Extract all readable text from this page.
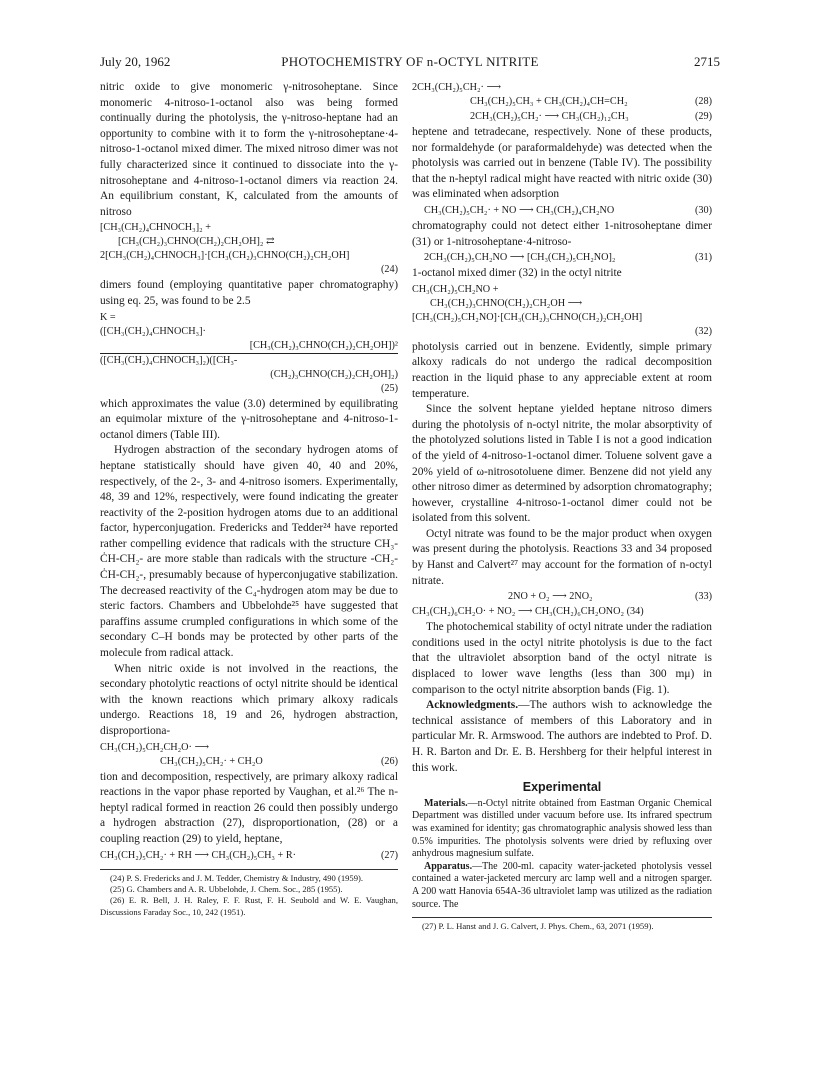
July 20, 1962	PHOTOCHEMISTRY OF n-OCTYL NITRITE	2715

nitric oxide to give monomeric γ-nitrosoheptane. Since monomeric 4-nitroso-1-octanol also was being formed continually during the photolysis, the γ-nitroso-heptane had an opportunity to combine with it to form the γ-nitrosoheptane·4-nitroso-1-octanol mixed dimer. The mixed nitroso dimer was not fully characterized since it continued to dissociate into the γ-nitrosoheptane and 4-nitroso-1-octanol dimers via reaction 24. An equilibrium constant, K, calculated from the amounts of nitroso

[CH₃(CH₂)₄CHNOCH₃]₂ +
[CH₃(CH₂)₃CHNO(CH₂)₂CH₂OH]₂ ⇄
2[CH₃(CH₂)₄CHNOCH₃]·[CH₃(CH₂)₃CHNO(CH₂)₂CH₂OH]
(24)

dimers found (employing quantitative paper chromatography) using eq. 25, was found to be 2.5

K =
([CH₃(CH₂)₄CHNOCH₃]·
[CH₃(CH₂)₃CHNO(CH₂)₂CH₂OH])²
([CH₃(CH₂)₄CHNOCH₃]₂)([CH₃-
(CH₂)₃CHNO(CH₂)₂CH₂OH]₂)
(25)

which approximates the value (3.0) determined by equilibrating an equimolar mixture of the γ-nitrosoheptane and 4-nitroso-1-octanol dimers (Table III).

Hydrogen abstraction of the secondary hydrogen atoms of heptane statistically should have given 40, 40 and 20%, respectively, of the 2-, 3- and 4-nitroso isomers. Experimentally, 48, 39 and 12%, respectively, were found indicating the greater reactivity of the 2-position hydrogen atoms due to an additional factor, hyperconjugation. Fredericks and Tedder²⁴ have reported rather compelling evidence that radicals with the structure CH₃-ĊH-CH₂- are more stable than radicals with the structure -CH₂-ĊH-CH₂-, presumably because of hyperconjugative stabilization. The decreased reactivity of the C₄-hydrogen atom may be due to steric factors. Chambers and Ubbelohde²⁵ have suggested that paraffins assume crumpled configurations in which some of the secondary C–H bonds may be protected by other parts of the molecule from radical attack.

When nitric oxide is not involved in the reactions, the secondary photolytic reactions of octyl nitrite should be identical with the known reactions which primary alkoxy radicals undergo. Reactions 18, 19 and 26, hydrogen abstraction, disproportiona-

CH₃(CH₂)₅CH₂CH₂O· ⟶
CH₃(CH₂)₅CH₂· + CH₂O	(26)

tion and decomposition, respectively, are primary alkoxy radical reactions in the vapor phase reported by Vaughan, et al.²⁶ The n-heptyl radical formed in reaction 26 could then possibly undergo a hydrogen abstraction (27), disproportionation, (28) or a coupling reaction (29) to yield, heptane,

CH₃(CH₂)₅CH₂· + RH ⟶ CH₃(CH₂)₅CH₃ + R·	(27)

(24) P. S. Fredericks and J. M. Tedder, Chemistry & Industry, 490 (1959).

(25) G. Chambers and A. R. Ubbelohde, J. Chem. Soc., 285 (1955).

(26) E. R. Bell, J. H. Raley, F. F. Rust, F. H. Seubold and W. E. Vaughan, Discussions Faraday Soc., 10, 242 (1951).

2CH₃(CH₂)₅CH₂· ⟶
CH₃(CH₂)₅CH₃ + CH₃(CH₂)₄CH=CH₂	(28)
2CH₃(CH₂)₅CH₂· ⟶ CH₃(CH₂)₁₂CH₃	(29)

heptene and tetradecane, respectively. None of these products, nor formaldehyde (or paraformaldehyde) was detected when the photolysis was carried out in benzene (Table IV). The possibility that the n-heptyl radical might have reacted with nitric oxide (30) was eliminated when adsorption

CH₃(CH₂)₅CH₂· + NO ⟶ CH₃(CH₂)₄CH₂NO	(30)

chromatography could not detect either 1-nitrosoheptane dimer (31) or 1-nitrosoheptane·4-nitroso-

2CH₃(CH₂)₅CH₂NO ⟶ [CH₃(CH₂)₅CH₂NO]₂	(31)

1-octanol mixed dimer (32) in the octyl nitrite

CH₃(CH₂)₅CH₂NO +
CH₃(CH₂)₃CHNO(CH₂)₂CH₂OH ⟶
[CH₃(CH₂)₅CH₂NO]·[CH₃(CH₂)₃CHNO(CH₂)₂CH₂OH]
(32)

photolysis carried out in benzene. Evidently, simple primary alkoxy radicals do not undergo the radical decomposition reaction in the liquid phase to any appreciable extent at room temperature.

Since the solvent heptane yielded heptane nitroso dimers during the photolysis of n-octyl nitrite, the molar absorptivity of the photolyzed solutions listed in Table I is not a good indication of the yield of 4-nitroso-1-octanol dimer. Toluene solvent gave a 20% yield of ω-nitrosotoluene dimer. Benzene did not yield any other nitroso dimer as determined by adsorption chromatography; however, crystalline 4-nitroso-1-octanol dimer could not be isolated from this solvent.

Octyl nitrate was found to be the major product when oxygen was present during the photolysis. Reactions 33 and 34 proposed by Hanst and Calvert²⁷ may account for the formation of n-octyl nitrate.

2NO + O₂ ⟶ 2NO₂	(33)
CH₃(CH₂)₆CH₂O· + NO₂ ⟶ CH₃(CH₂)₆CH₂ONO₂ (34)

The photochemical stability of octyl nitrate under the radiation conditions used in the octyl nitrite photolysis is due to the fact that the ultraviolet absorption band of the octyl nitrate is displaced to lower wave lengths (less than 300 mμ) in comparison to the octyl nitrite absorption bands (Fig. 1).

Acknowledgments.—The authors wish to acknowledge the technical assistance of members of this Laboratory and in particular Mr. R. Armswood. The authors are indebted to Prof. D. H. R. Barton and Dr. E. B. Hershberg for their helpful interest in this work.

Experimental

Materials.—n-Octyl nitrite obtained from Eastman Organic Chemical Department was distilled under vacuum before use. Its infrared spectrum was examined for identity; gas chromatographic analysis showed less than 0.5% impurities. The photolysis solvents were dried by refluxing over anhydrous magnesium sulfate.

Apparatus.—The 200-ml. capacity water-jacketed photolysis vessel contained a water-jacketed mercury arc lamp well and a nitrogen sparger. A 200 watt Hanovia 654A-36 ultraviolet lamp was utilized as the radiation source. The

(27) P. L. Hanst and J. G. Calvert, J. Phys. Chem., 63, 2071 (1959).
